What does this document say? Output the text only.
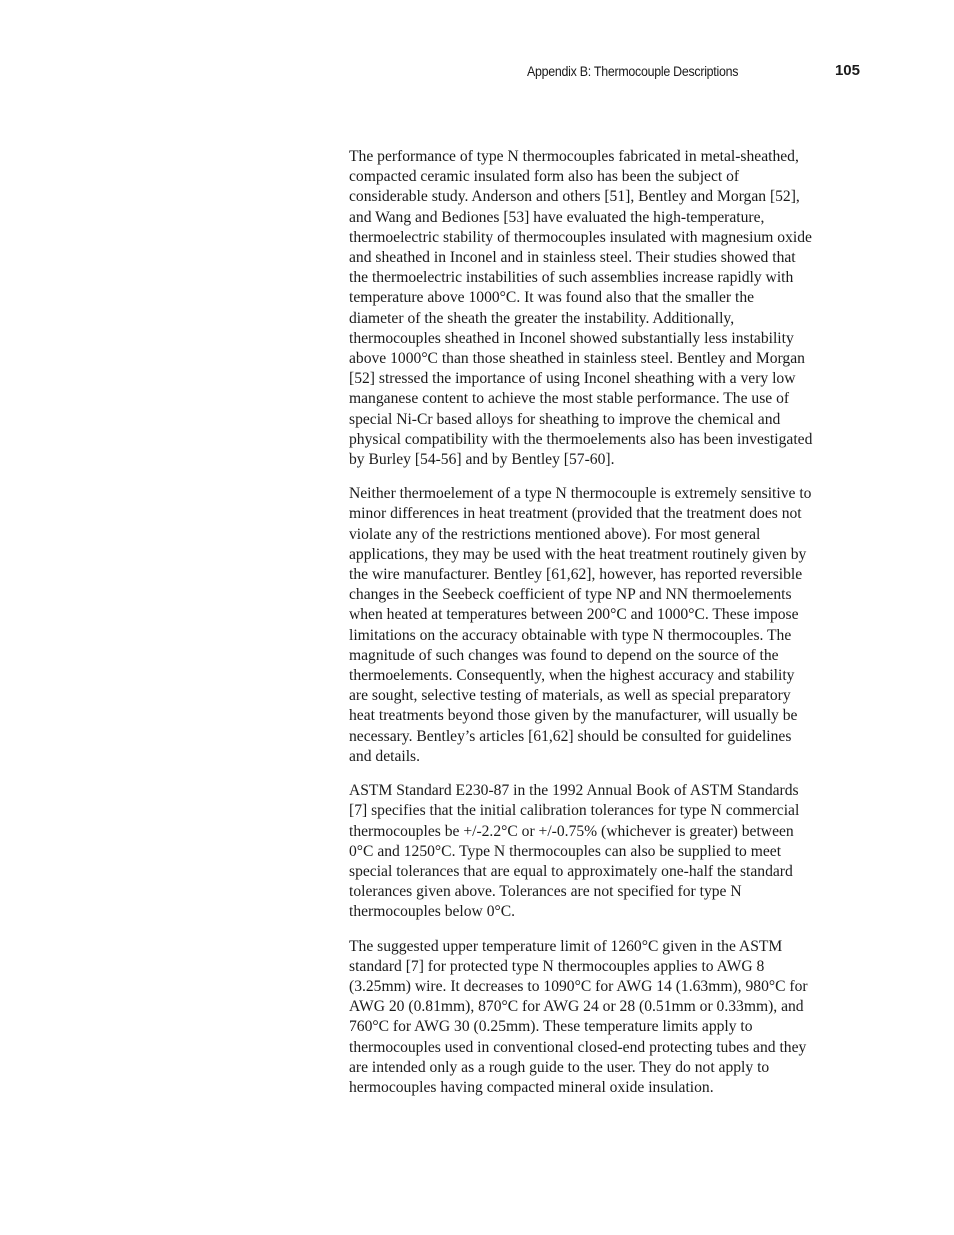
Appendix B: Thermocouple Descriptions	105

The performance of type N thermocouples fabricated in metal-sheathed,
compacted ceramic insulated form also has been the subject of
considerable study. Anderson and others [51], Bentley and Morgan [52],
and Wang and Bediones [53] have evaluated the high-temperature,
thermoelectric stability of thermocouples insulated with magnesium oxide
and sheathed in Inconel and in stainless steel. Their studies showed that
the thermoelectric instabilities of such assemblies increase rapidly with
temperature above 1000°C. It was found also that the smaller the
diameter of the sheath the greater the instability. Additionally,
thermocouples sheathed in Inconel showed substantially less instability
above 1000°C than those sheathed in stainless steel. Bentley and Morgan
[52] stressed the importance of using Inconel sheathing with a very low
manganese content to achieve the most stable performance. The use of
special Ni-Cr based alloys for sheathing to improve the chemical and
physical compatibility with the thermoelements also has been investigated
by Burley [54-56] and by Bentley [57-60].

Neither thermoelement of a type N thermocouple is extremely sensitive to
minor differences in heat treatment (provided that the treatment does not
violate any of the restrictions mentioned above). For most general
applications, they may be used with the heat treatment routinely given by
the wire manufacturer. Bentley [61,62], however, has reported reversible
changes in the Seebeck coefficient of type NP and NN thermoelements
when heated at temperatures between 200°C and 1000°C. These impose
limitations on the accuracy obtainable with type N thermocouples. The
magnitude of such changes was found to depend on the source of the
thermoelements. Consequently, when the highest accuracy and stability
are sought, selective testing of materials, as well as special preparatory
heat treatments beyond those given by the manufacturer, will usually be
necessary. Bentley’s articles [61,62] should be consulted for guidelines
and details.

ASTM Standard E230-87 in the 1992 Annual Book of ASTM Standards
[7] specifies that the initial calibration tolerances for type N commercial
thermocouples be +/-2.2°C or +/-0.75% (whichever is greater) between
0°C and 1250°C. Type N thermocouples can also be supplied to meet
special tolerances that are equal to approximately one-half the standard
tolerances given above. Tolerances are not specified for type N
thermocouples below 0°C.

The suggested upper temperature limit of 1260°C given in the ASTM
standard [7] for protected type N thermocouples applies to AWG 8
(3.25mm) wire. It decreases to 1090°C for AWG 14 (1.63mm), 980°C for
AWG 20 (0.81mm), 870°C for AWG 24 or 28 (0.51mm or 0.33mm), and
760°C for AWG 30 (0.25mm). These temperature limits apply to
thermocouples used in conventional closed-end protecting tubes and they
are intended only as a rough guide to the user. They do not apply to
hermocouples having compacted mineral oxide insulation.
